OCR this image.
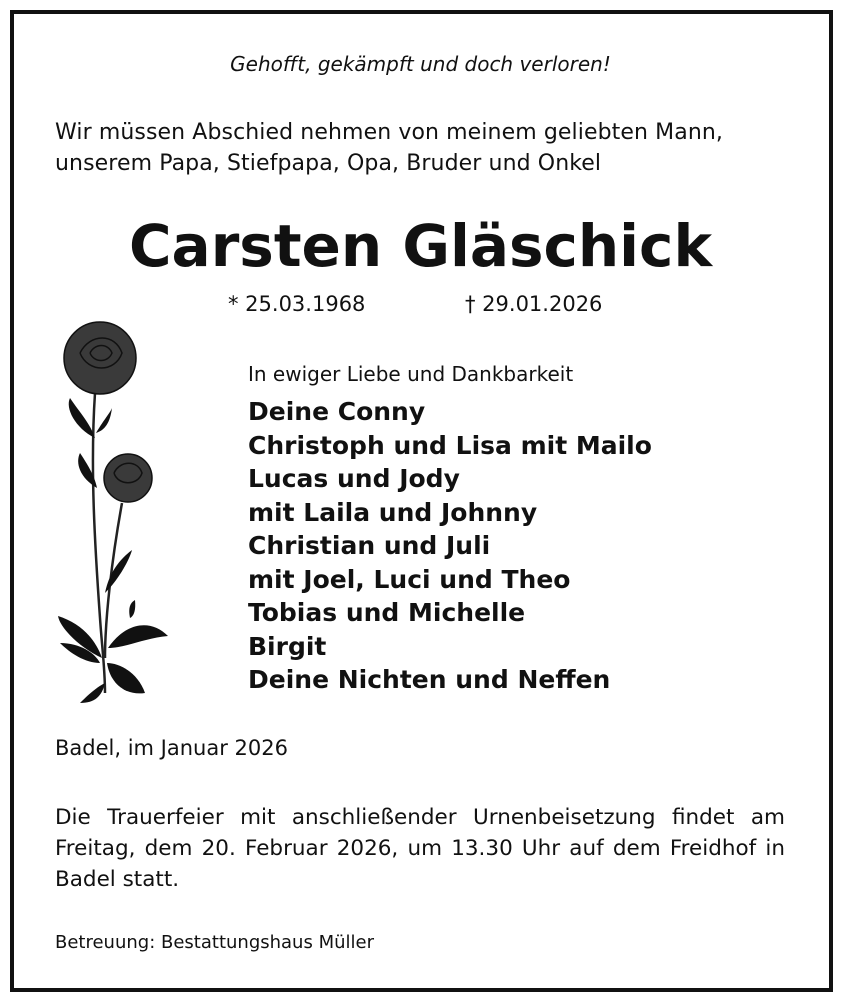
Gehofft, gekämpft und doch verloren!
Wir müssen Abschied nehmen von meinem geliebten Mann,
unserem Papa, Stiefpapa, Opa, Bruder und Onkel
Carsten Gläschick
* 25.03.1968	† 29.01.2026
In ewiger Liebe und Dankbarkeit
Deine Conny
Christoph und Lisa mit Mailo
Lucas und Jody
mit Laila und Johnny
Christian und Juli
mit Joel, Luci und Theo
Tobias und Michelle
Birgit
Deine Nichten und Neffen
Badel, im Januar 2026
Die Trauerfeier mit anschließender Urnenbeisetzung findet am Freitag, dem 20. Februar 2026, um 13.30 Uhr auf dem Freidhof in Badel statt.
Betreuung: Bestattungshaus Müller
